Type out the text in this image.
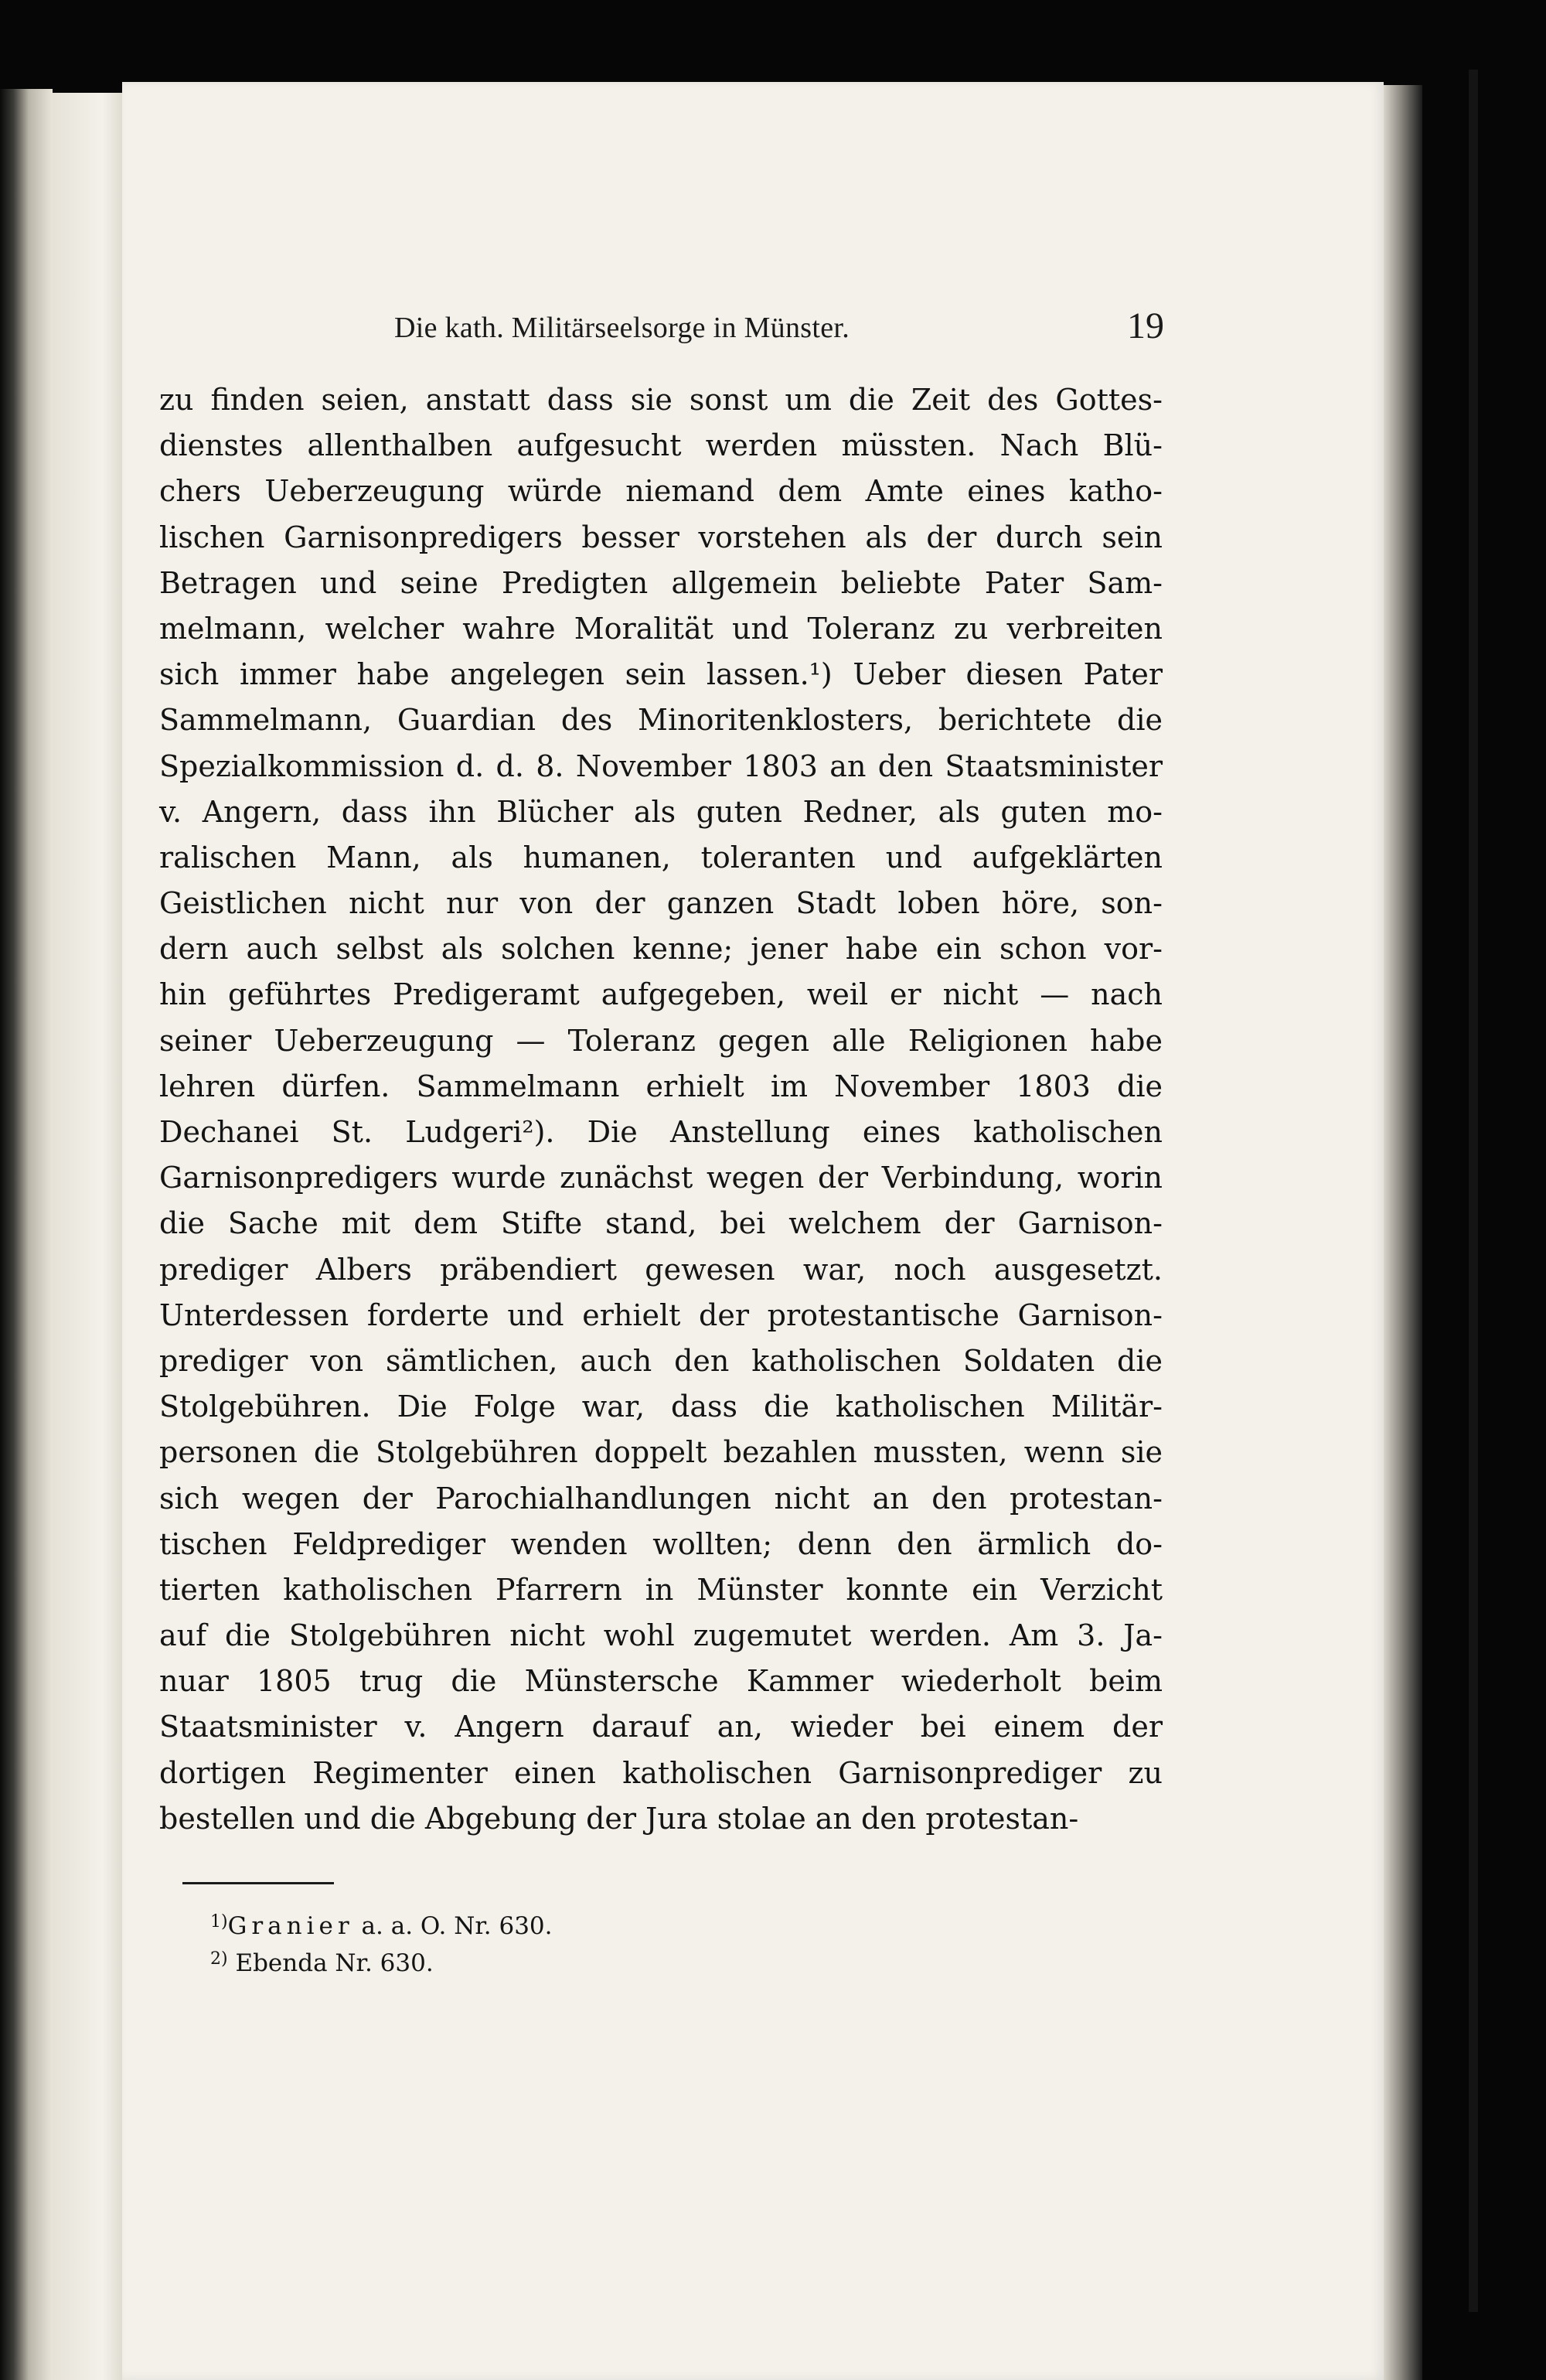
Die kath. Militärseelsorge in Münster.	19
zu finden seien, anstatt dass sie sonst um die Zeit des Gottes-
dienstes allenthalben aufgesucht werden müssten. Nach Blü-
chers Ueberzeugung würde niemand dem Amte eines katho-
lischen Garnisonpredigers besser vorstehen als der durch sein
Betragen und seine Predigten allgemein beliebte Pater Sam-
melmann, welcher wahre Moralität und Toleranz zu verbreiten
sich immer habe angelegen sein lassen.¹) Ueber diesen Pater
Sammelmann, Guardian des Minoritenklosters, berichtete die
Spezialkommission d. d. 8. November 1803 an den Staatsminister
v. Angern, dass ihn Blücher als guten Redner, als guten mo-
ralischen Mann, als humanen, toleranten und aufgeklärten
Geistlichen nicht nur von der ganzen Stadt loben höre, son-
dern auch selbst als solchen kenne; jener habe ein schon vor-
hin geführtes Predigeramt aufgegeben, weil er nicht — nach
seiner Ueberzeugung — Toleranz gegen alle Religionen habe
lehren dürfen. Sammelmann erhielt im November 1803 die
Dechanei St. Ludgeri²). Die Anstellung eines katholischen
Garnisonpredigers wurde zunächst wegen der Verbindung, worin
die Sache mit dem Stifte stand, bei welchem der Garnison-
prediger Albers präbendiert gewesen war, noch ausgesetzt.
Unterdessen forderte und erhielt der protestantische Garnison-
prediger von sämtlichen, auch den katholischen Soldaten die
Stolgebühren. Die Folge war, dass die katholischen Militär-
personen die Stolgebühren doppelt bezahlen mussten, wenn sie
sich wegen der Parochialhandlungen nicht an den protestan-
tischen Feldprediger wenden wollten; denn den ärmlich do-
tierten katholischen Pfarrern in Münster konnte ein Verzicht
auf die Stolgebühren nicht wohl zugemutet werden. Am 3. Ja-
nuar 1805 trug die Münstersche Kammer wiederholt beim
Staatsminister v. Angern darauf an, wieder bei einem der
dortigen Regimenter einen katholischen Garnisonprediger zu
bestellen und die Abgebung der Jura stolae an den protestan-
$^{1)}$Granier a. a. O. Nr. 630.
$^{2)}$ Ebenda Nr. 630.
